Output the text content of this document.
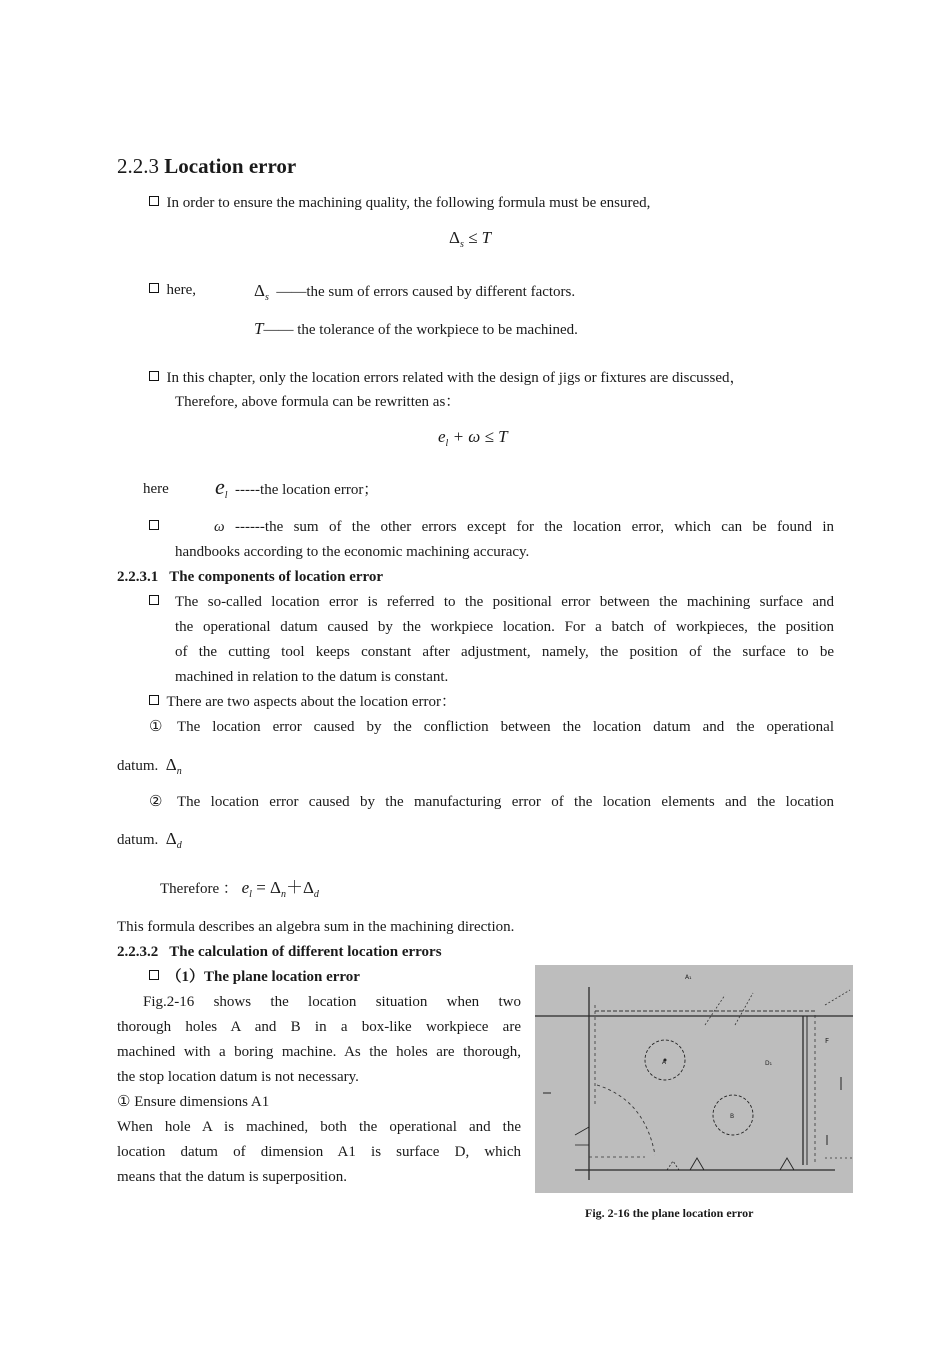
2.2.3 Location error
In order to ensure the machining quality, the following formula must be ensured,
$\Delta_s \le T$
here,	$\Delta_s$ ——the sum of errors caused by different factors.
T—— the tolerance of the workpiece to be machined.
In this chapter, only the location errors related with the design of jigs or fixtures are discussed，
Therefore, above formula can be rewritten as：
$e_l + \omega \le T$
here $e_l$ -----the location error；
ω ------the sum of the other errors except for the location error, which can be found in
handbooks according to the economic machining accuracy.
2.2.3.1   The components of location error
The so-called location error is referred to the positional error between the machining surface and
the operational datum caused by the workpiece location. For a batch of workpieces, the position
of the cutting tool keeps constant after adjustment, namely, the position of the surface to be
machined in relation to the datum is constant.
There are two aspects about the location error：
① The location error caused by the confliction between the location datum and the operational
datum. $\Delta_n$
② The location error caused by the manufacturing error of the location elements and the location
datum. $\Delta_d$
Therefore ： $e_l = \Delta_n+\Delta_d$
This formula describes an algebra sum in the machining direction.
2.2.3.2   The calculation of different location errors
（1）The plane location error
Fig.2-16 shows the location situation when two
thorough holes A and B in a box-like workpiece are
machined with a boring machine. As the holes are thorough,
the stop location datum is not necessary.
① Ensure dimensions A1
When hole A is machined, both the operational and the
location datum of dimension A1 is surface D, which
means that the datum is superposition.
A
B
D₁
F
A₁
Fig. 2-16 the plane location error
